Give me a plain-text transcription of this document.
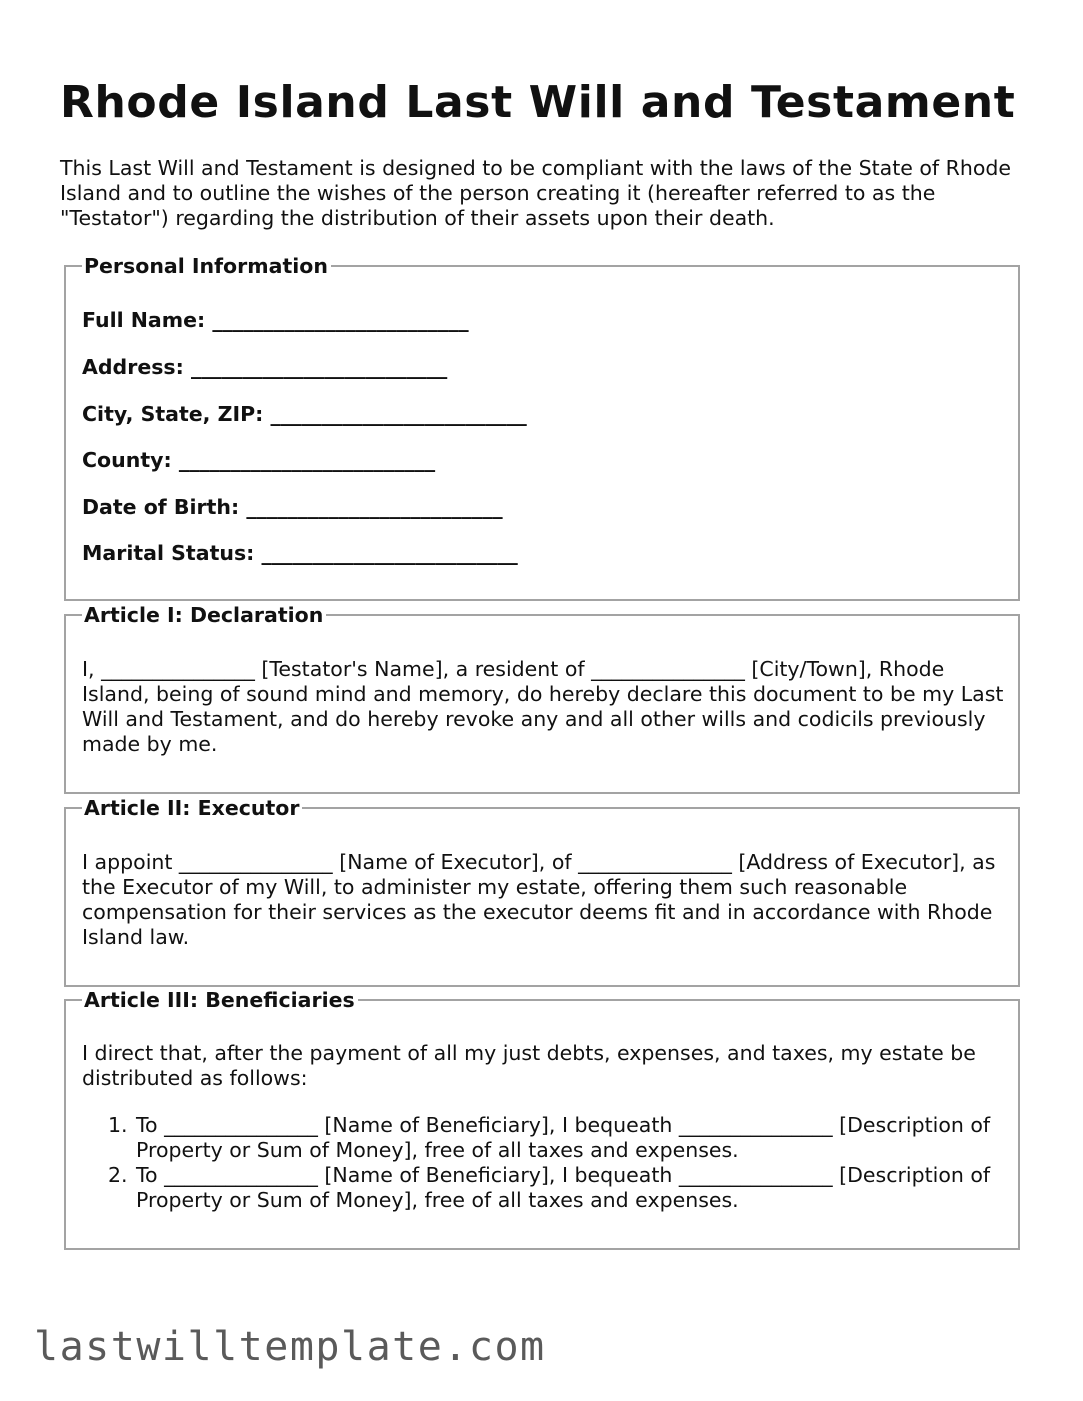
Rhode Island Last Will and Testament

This Last Will and Testament is designed to be compliant with the laws of the State of Rhode Island and to outline the wishes of the person creating it (hereafter referred to as the "Testator") regarding the distribution of their assets upon their death.

Personal Information
Full Name: _________________________
Address: _________________________
City, State, ZIP: _________________________
County: _________________________
Date of Birth: _________________________
Marital Status: _________________________
Article I: Declaration

I, _______________ [Testator's Name], a resident of _______________ [City/Town], Rhode Island, being of sound mind and memory, do hereby declare this document to be my Last Will and Testament, and do hereby revoke any and all other wills and codicils previously made by me.

Article II: Executor

I appoint _______________ [Name of Executor], of _______________ [Address of Executor], as the Executor of my Will, to administer my estate, offering them such reasonable compensation for their services as the executor deems fit and in accordance with Rhode Island law.

Article III: Beneficiaries

I direct that, after the payment of all my just debts, expenses, and taxes, my estate be distributed as follows:

1. To _______________ [Name of Beneficiary], I bequeath _______________ [Description of Property or Sum of Money], free of all taxes and expenses.
2. To _______________ [Name of Beneficiary], I bequeath _______________ [Description of Property or Sum of Money], free of all taxes and expenses.
lastwilltemplate.com
